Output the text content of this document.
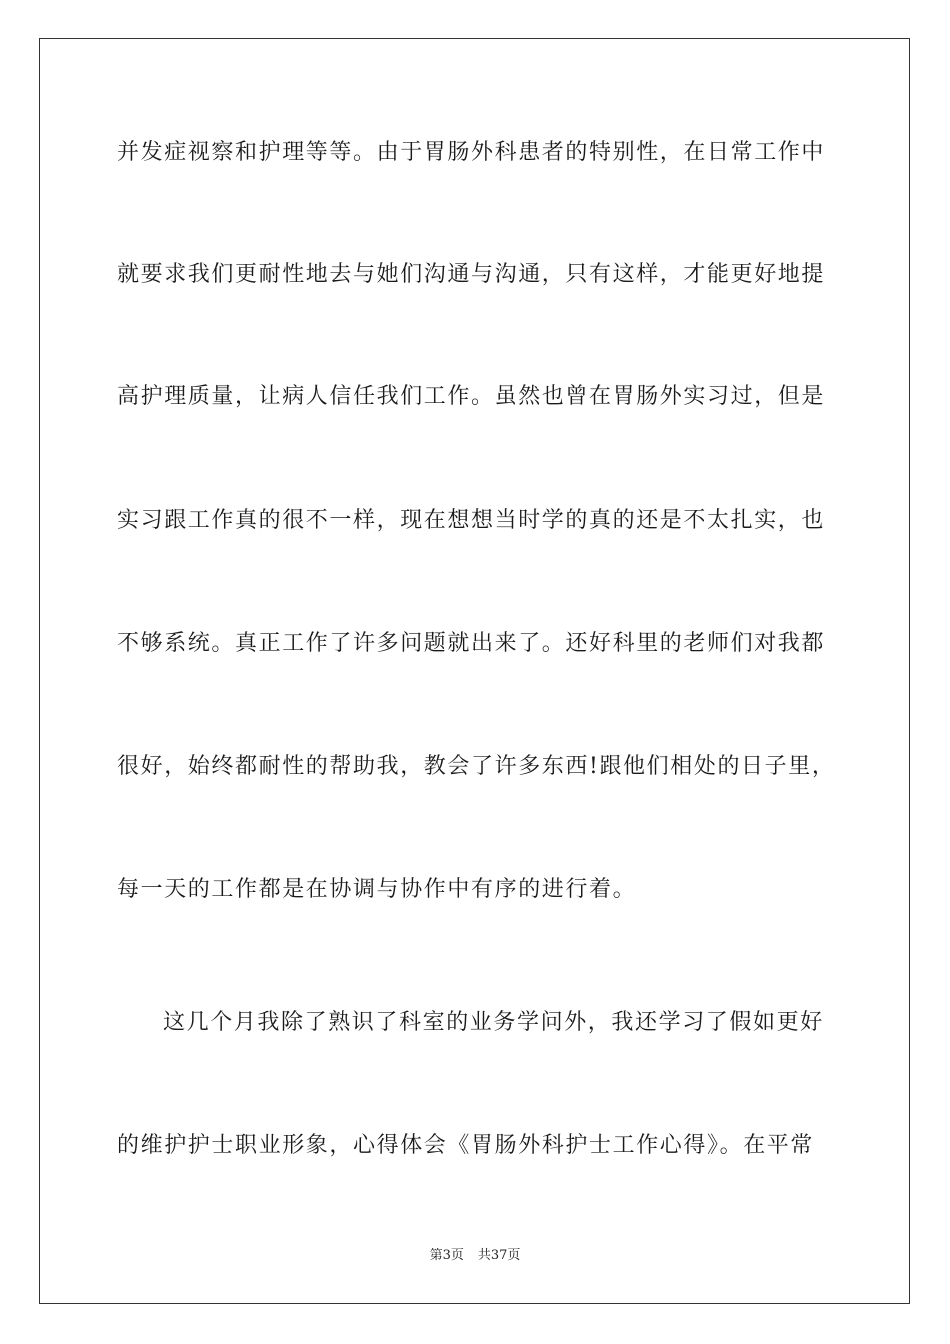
并发症视察和护理等等。由于胃肠外科患者的特别性，在日常工作中
就要求我们更耐性地去与她们沟通与沟通，只有这样，才能更好地提
高护理质量，让病人信任我们工作。虽然也曾在胃肠外实习过，但是
实习跟工作真的很不一样，现在想想当时学的真的还是不太扎实，也
不够系统。真正工作了许多问题就出来了。还好科里的老师们对我都
很好，始终都耐性的帮助我，教会了许多东西!跟他们相处的日子里，
每一天的工作都是在协调与协作中有序的进行着。
这几个月我除了熟识了科室的业务学问外，我还学习了假如更好
的维护护士职业形象，心得体会《胃肠外科护士工作心得》。在平常
第3页 共37页
